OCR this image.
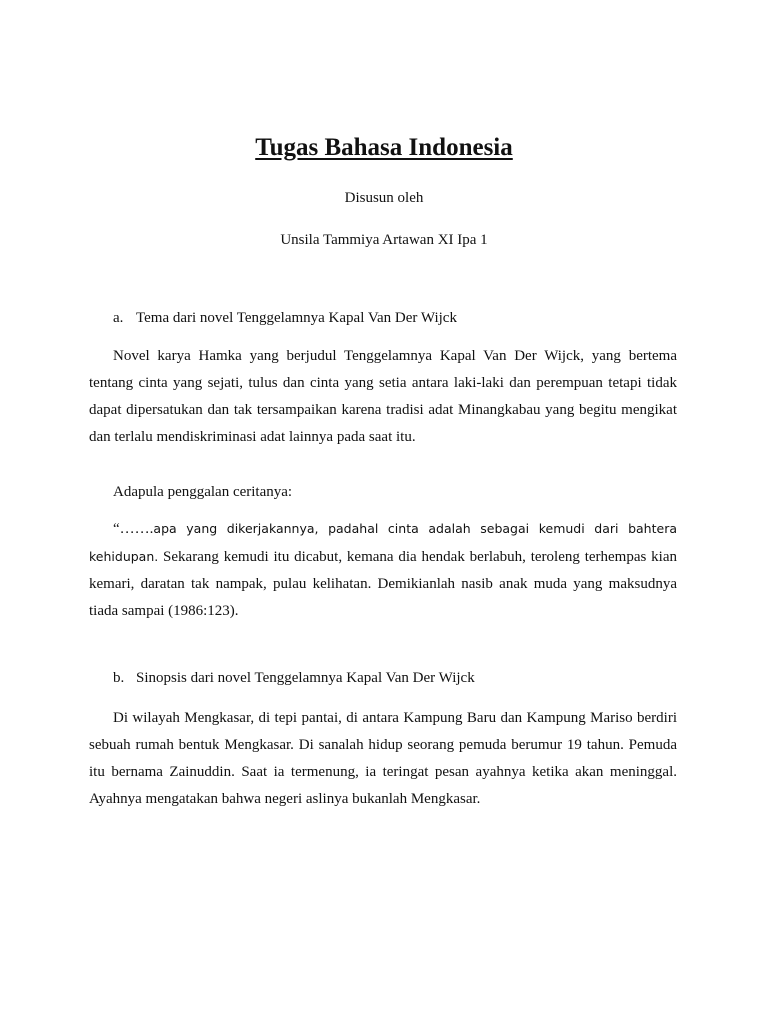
Tugas Bahasa Indonesia

Disusun oleh

Unsila Tammiya Artawan XI Ipa 1

a. Tema dari novel Tenggelamnya Kapal Van Der Wijck

Novel karya Hamka yang berjudul Tenggelamnya Kapal Van Der Wijck, yang bertema tentang cinta yang sejati, tulus dan cinta yang setia antara laki-laki dan perempuan tetapi tidak dapat dipersatukan dan tak tersampaikan karena tradisi adat Minangkabau yang begitu mengikat dan terlalu mendiskriminasi adat lainnya pada saat itu.

Adapula penggalan ceritanya:

“…….apa yang dikerjakannya, padahal cinta adalah sebagai kemudi dari bahtera kehidupan. Sekarang kemudi itu dicabut, kemana dia hendak berlabuh, teroleng terhempas kian kemari, daratan tak nampak, pulau kelihatan. Demikianlah nasib anak muda yang maksudnya tiada sampai (1986:123).

b. Sinopsis dari novel Tenggelamnya Kapal Van Der Wijck

Di wilayah Mengkasar, di tepi pantai, di antara Kampung Baru dan Kampung Mariso berdiri sebuah rumah bentuk Mengkasar. Di sanalah hidup seorang pemuda berumur 19 tahun. Pemuda itu bernama Zainuddin. Saat ia termenung, ia teringat pesan ayahnya ketika akan meninggal. Ayahnya mengatakan bahwa negeri aslinya bukanlah Mengkasar.
